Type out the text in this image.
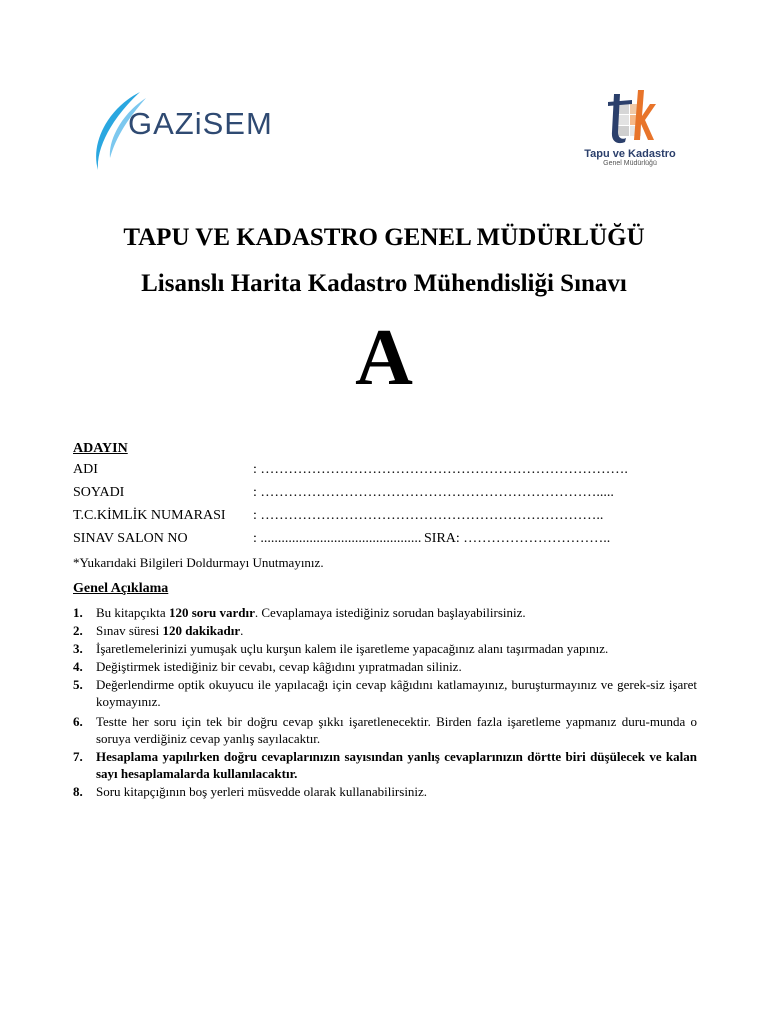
GAZiSEM
Tapu ve Kadastro
Genel Müdürlüğü
TAPU VE KADASTRO GENEL MÜDÜRLÜĞÜ
Lisanslı Harita Kadastro Mühendisliği Sınavı
A
ADAYIN
ADI	: …………………………………………………………………….
SOYADI	: ……………………………………………………………….....
T.C.KİMLİK NUMARASI : ………………………………………………………………..
SINAV SALON NO	: .............................................. SIRA: …………………………..
*Yukarıdaki Bilgileri Doldurmayı Unutmayınız.
Genel Açıklama
1.	Bu kitapçıkta 120 soru vardır. Cevaplamaya istediğiniz sorudan başlayabilirsiniz.
2.	Sınav süresi 120 dakikadır.
3.	İşaretlemelerinizi yumuşak uçlu kurşun kalem ile işaretleme yapacağınız alanı taşırmadan yapınız.
4.	Değiştirmek istediğiniz bir cevabı, cevap kâğıdını yıpratmadan siliniz.
5.	Değerlendirme optik okuyucu ile yapılacağı için cevap kâğıdını katlamayınız, buruşturmayınız ve gerek-siz işaret koymayınız.
6.	Testte her soru için tek bir doğru cevap şıkkı işaretlenecektir. Birden fazla işaretleme yapmanız duru-munda o soruya verdiğiniz cevap yanlış sayılacaktır.
7.	Hesaplama yapılırken doğru cevaplarınızın sayısından yanlış cevaplarınızın dörtte biri düşülecek ve kalan sayı hesaplamalarda kullanılacaktır.
8.	Soru kitapçığının boş yerleri müsvedde olarak kullanabilirsiniz.
